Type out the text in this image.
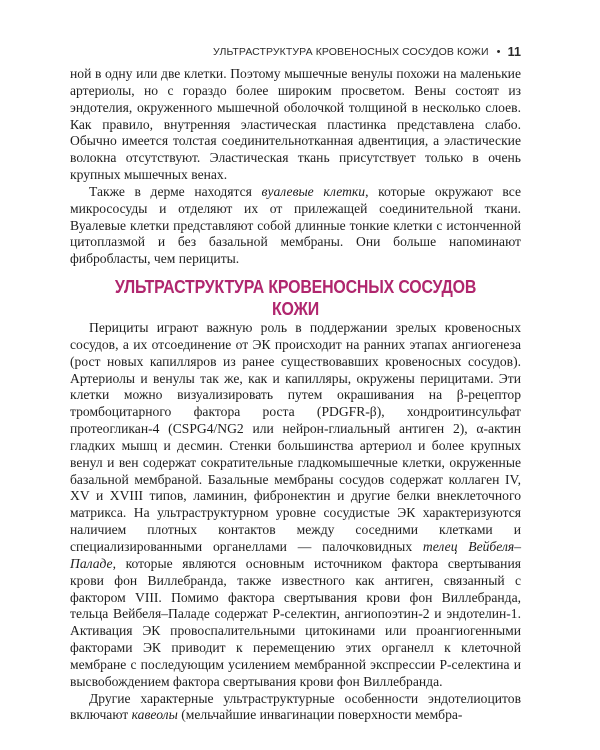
УЛЬТРАСТРУКТУРА КРОВЕНОСНЫХ СОСУДОВ КОЖИ • 11

ной в одну или две клетки. Поэтому мышечные венулы похожи на маленькие артериолы, но с гораздо более широким просветом. Вены состоят из эндотелия, окруженного мышечной оболочкой толщиной в несколько слоев. Как правило, внутренняя эластическая пластинка представлена слабо. Обычно имеется толстая соединительнотканная адвентиция, а эластические волокна отсутствуют. Эластическая ткань присутствует только в очень крупных мышечных венах.

Также в дерме находятся вуалевые клетки, которые окружают все микрососуды и отделяют их от прилежащей соединительной ткани. Вуалевые клетки представляют собой длинные тонкие клетки с истонченной цитоплазмой и без базальной мембраны. Они больше напоминают фибробласты, чем перициты.

УЛЬТРАСТРУКТУРА КРОВЕНОСНЫХ СОСУДОВ КОЖИ

Перициты играют важную роль в поддержании зрелых кровеносных сосудов, а их отсоединение от ЭК происходит на ранних этапах ангиогенеза (рост новых капилляров из ранее существовавших кровеносных сосудов). Артериолы и венулы так же, как и капилляры, окружены перицитами. Эти клетки можно визуализировать путем окрашивания на β-рецептор тромбоцитарного фактора роста (PDGFR-β), хондроитинсульфат протеогликан-4 (CSPG4/NG2 или нейрон-глиальный антиген 2), α-актин гладких мышц и десмин. Стенки большинства артериол и более крупных венул и вен содержат сократительные гладкомышечные клетки, окруженные базальной мембраной. Базальные мембраны сосудов содержат коллаген IV, XV и XVIII типов, ламинин, фибронектин и другие белки внеклеточного матрикса. На ультраструктурном уровне сосудистые ЭК характеризуются наличием плотных контактов между соседними клетками и специализированными органеллами — палочковидных телец Вейбеля–Паладе, которые являются основным источником фактора свертывания крови фон Виллебранда, также известного как антиген, связанный с фактором VIII. Помимо фактора свертывания крови фон Виллебранда, тельца Вейбеля–Паладе содержат P-селектин, ангиопоэтин-2 и эндотелин-1. Активация ЭК провоспалительными цитокинами или проангиогенными факторами ЭК приводит к перемещению этих органелл к клеточной мембране с последующим усилением мембранной экспрессии P-селектина и высвобождением фактора свертывания крови фон Виллебранда.

Другие характерные ультраструктурные особенности эндотелиоцитов включают кавеолы (мельчайшие инвагинации поверхности мембра-
